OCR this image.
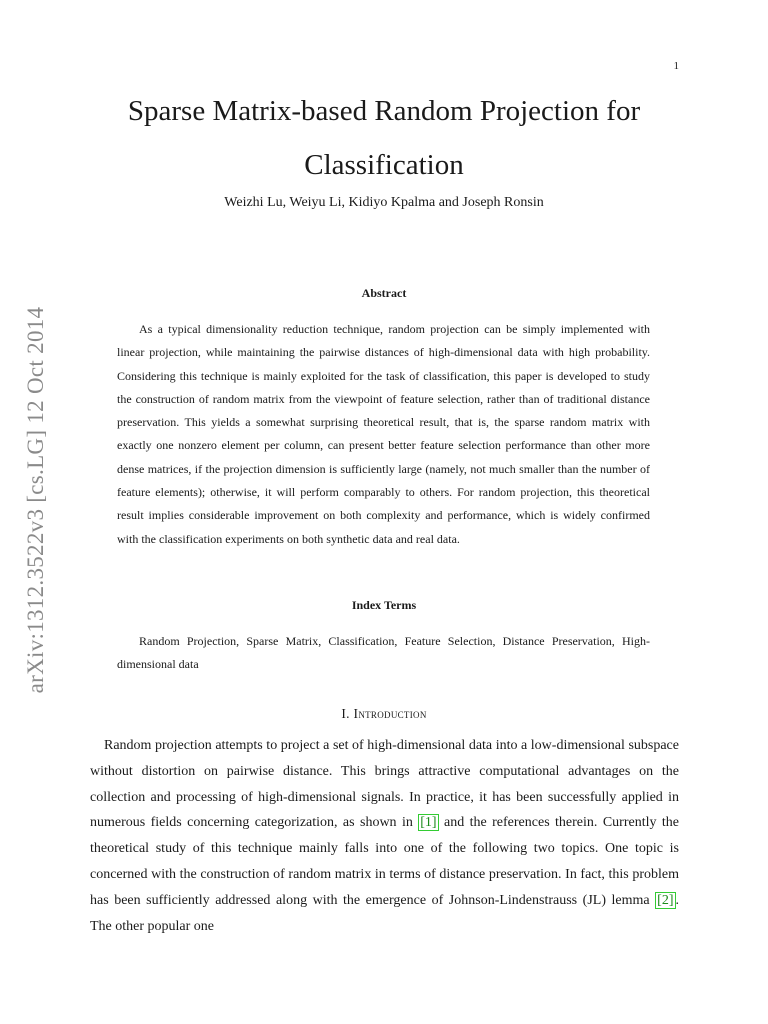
1
Sparse Matrix-based Random Projection for
Classification
Weizhi Lu, Weiyu Li, Kidiyo Kpalma and Joseph Ronsin
arXiv:1312.3522v3 [cs.LG] 12 Oct 2014
Abstract
As a typical dimensionality reduction technique, random projection can be simply implemented with linear projection, while maintaining the pairwise distances of high-dimensional data with high probability. Considering this technique is mainly exploited for the task of classification, this paper is developed to study the construction of random matrix from the viewpoint of feature selection, rather than of traditional distance preservation. This yields a somewhat surprising theoretical result, that is, the sparse random matrix with exactly one nonzero element per column, can present better feature selection performance than other more dense matrices, if the projection dimension is sufficiently large (namely, not much smaller than the number of feature elements); otherwise, it will perform comparably to others. For random projection, this theoretical result implies considerable improvement on both complexity and performance, which is widely confirmed with the classification experiments on both synthetic data and real data.
Index Terms
Random Projection, Sparse Matrix, Classification, Feature Selection, Distance Preservation, High-dimensional data
I. Introduction
Random projection attempts to project a set of high-dimensional data into a low-dimensional subspace without distortion on pairwise distance. This brings attractive computational advantages on the collection and processing of high-dimensional signals. In practice, it has been successfully applied in numerous fields concerning categorization, as shown in [1] and the references therein. Currently the theoretical study of this technique mainly falls into one of the following two topics. One topic is concerned with the construction of random matrix in terms of distance preservation. In fact, this problem has been sufficiently addressed along with the emergence of Johnson-Lindenstrauss (JL) lemma [2] . The other popular one
